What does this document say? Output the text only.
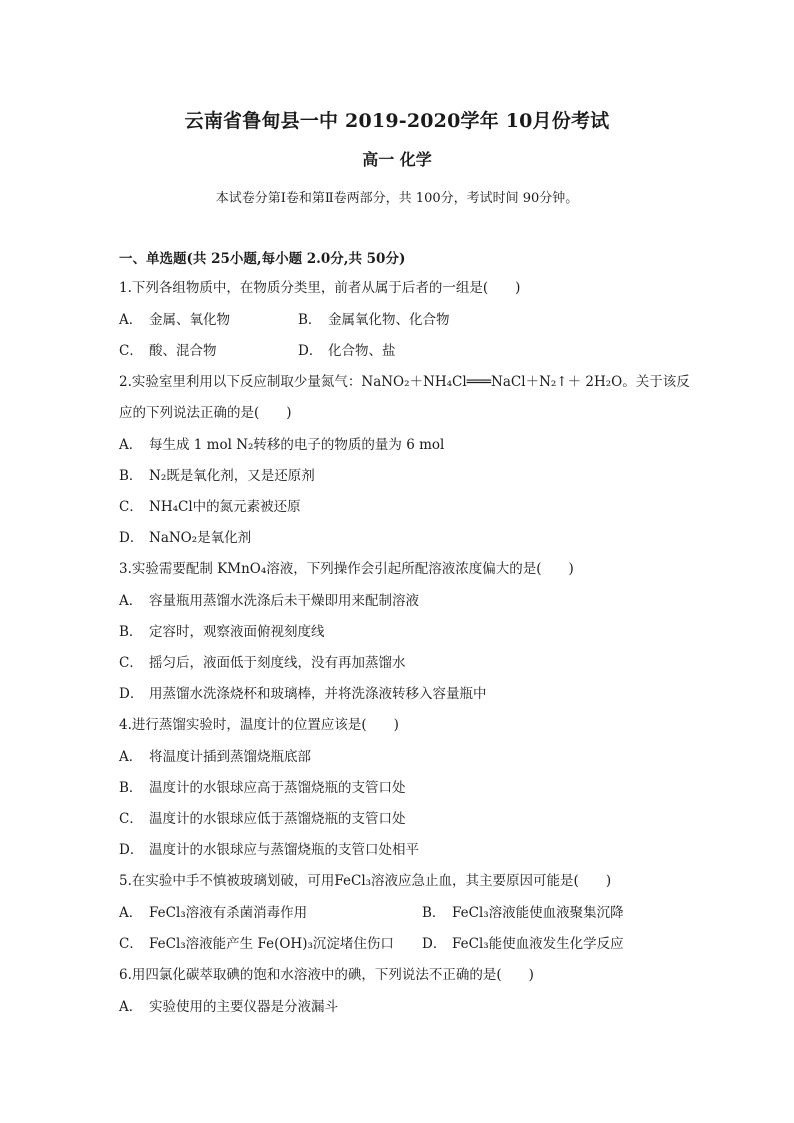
云南省鲁甸县一中 2019-2020学年 10月份考试
高一 化学
本试卷分第Ⅰ卷和第Ⅱ卷两部分，共 100分，考试时间 90分钟。
一、单选题(共 25小题,每小题 2.0分,共 50分)
1.下列各组物质中，在物质分类里，前者从属于后者的一组是(　　)
A． 金属、氧化物	B． 金属氧化物、化合物
C． 酸、混合物	D． 化合物、盐
2.实验室里利用以下反应制取少量氮气：NaNO₂＋NH₄Cl═══NaCl＋N₂↑＋ 2H₂O。关于该反
应的下列说法正确的是(　　)
A． 每生成 1 mol N₂转移的电子的物质的量为 6 mol
B． N₂既是氧化剂，又是还原剂
C． NH₄Cl中的氮元素被还原
D． NaNO₂是氧化剂
3.实验需要配制 KMnO₄溶液，下列操作会引起所配溶液浓度偏大的是(　　)
A． 容量瓶用蒸馏水洗涤后未干燥即用来配制溶液
B． 定容时，观察液面俯视刻度线
C． 摇匀后，液面低于刻度线，没有再加蒸馏水
D． 用蒸馏水洗涤烧杯和玻璃棒，并将洗涤液转移入容量瓶中
4.进行蒸馏实验时，温度计的位置应该是(　　)
A． 将温度计插到蒸馏烧瓶底部
B． 温度计的水银球应高于蒸馏烧瓶的支管口处
C． 温度计的水银球应低于蒸馏烧瓶的支管口处
D． 温度计的水银球应与蒸馏烧瓶的支管口处相平
5.在实验中手不慎被玻璃划破，可用FeCl₃溶液应急止血，其主要原因可能是(　　)
A． FeCl₃溶液有杀菌消毒作用	B． FeCl₃溶液能使血液聚集沉降
C． FeCl₃溶液能产生 Fe(OH)₃沉淀堵住伤口 D． FeCl₃能使血液发生化学反应
6.用四氯化碳萃取碘的饱和水溶液中的碘，下列说法不正确的是(　　)
A． 实验使用的主要仪器是分液漏斗
